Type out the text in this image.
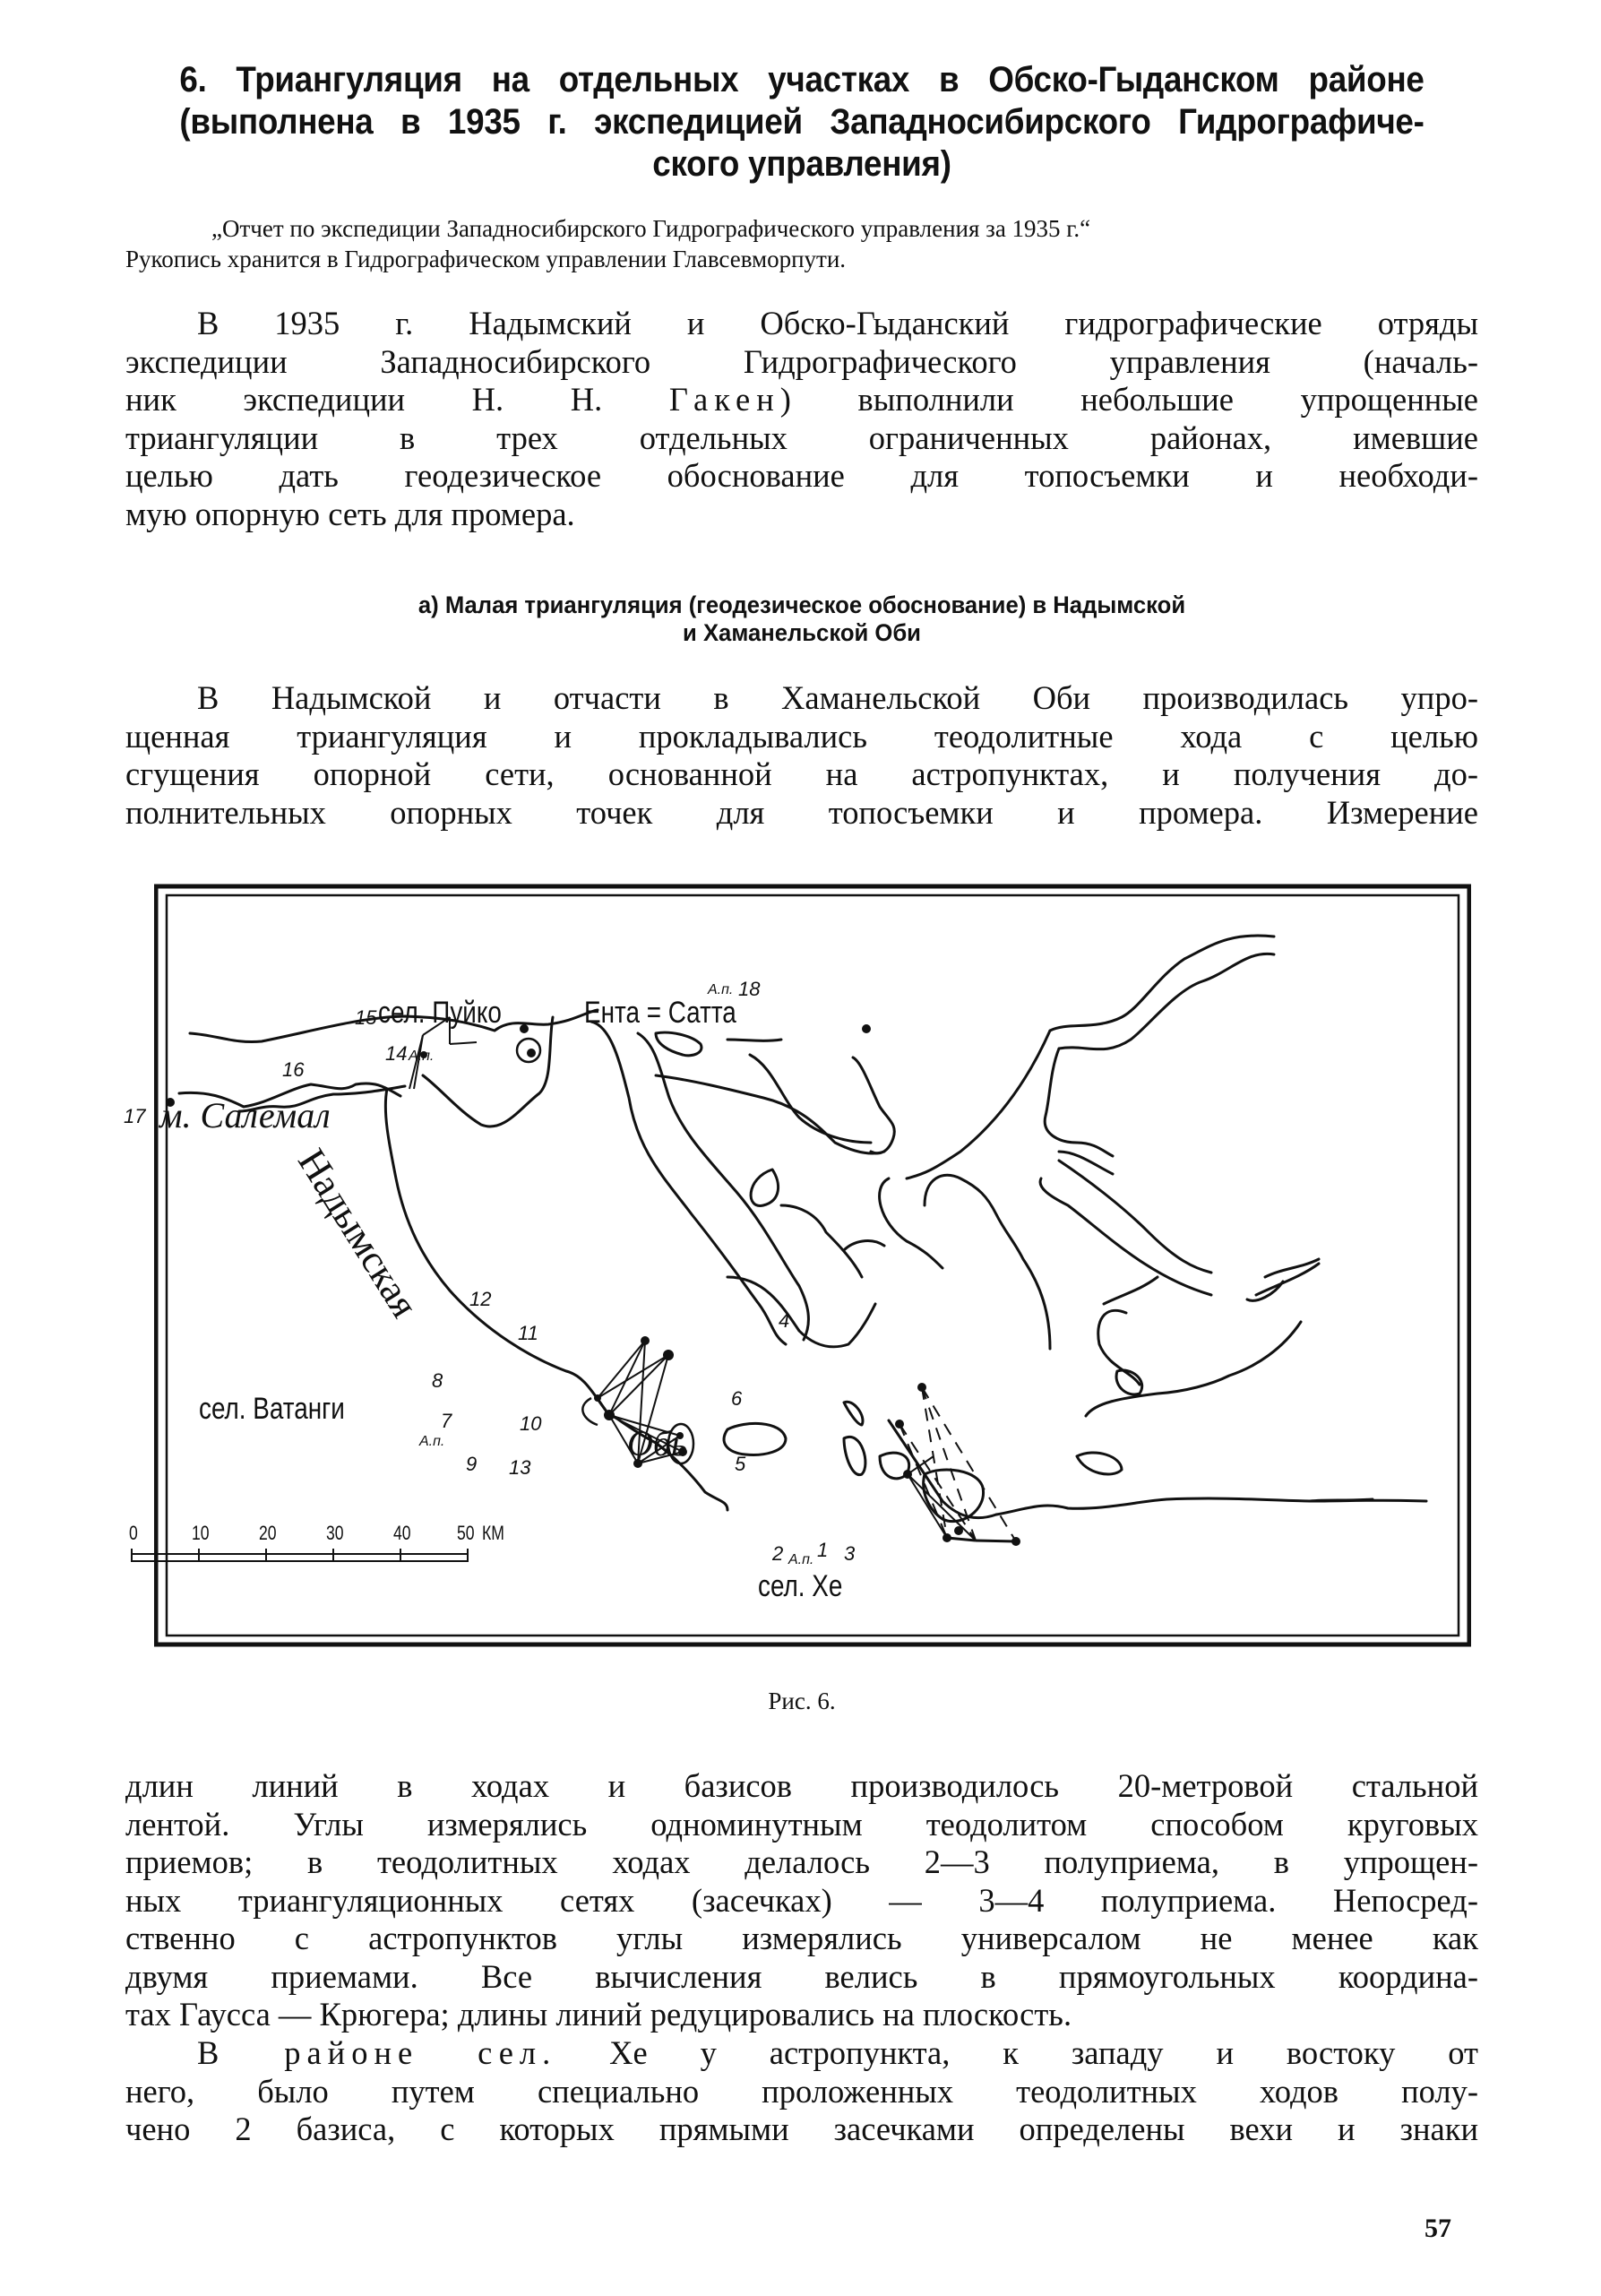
6. Триангуляция на отдельных участках в Обско-Гыданском районе
(выполнена в 1935 г. экспедицией Западносибирского Гидрографиче-
ского управления)
„Отчет по экспедиции Западносибирского Гидрографического управления за 1935 г.“
Рукопись хранится в Гидрографическом управлении Главсевморпути.
В 1935 г. Надымский и Обско-Гыданский гидрографические отряды
экспедиции Западносибирского Гидрографического управления (началь-
ник экспедиции Н. Н. Гакен) выполнили небольшие упрощенные
триангуляции в трех отдельных ограниченных районах, имевшие
целью дать геодезическое обоснование для топосъемки и необходи-
мую опорную сеть для промера.
а) Малая триангуляция (геодезическое обоснование) в Надымской
и Хаманельской Оби
В Надымской и отчасти в Хаманельской Оби производилась упро-
щенная триангуляция и прокладывались теодолитные хода с целью
сгущения опорной сети, основанной на астропунктах, и получения до-
полнительных опорных точек для топосъемки и промера. Измерение
15 сел. Пуйко
14 А.п.
16
17 м. Салемал
Ента = Сатта
А.п. 18
Надымская 12
11
8
сел. Ватанги	7
А.п.
9
10
13
Обь
4
6
5
2 А.п. 1 3
сел. Хе
0	10	20	30	40 50 КМ
Рис. 6.
длин линий в ходах и базисов производилось 20-метровой стальной
лентой. Углы измерялись одноминутным теодолитом способом круговых
приемов; в теодолитных ходах делалось 2—3 полуприема, в упрощен-
ных триангуляционных сетях (засечках) — 3—4 полуприема. Непосред-
ственно с астропунктов углы измерялись универсалом не менее как
двумя приемами. Все вычисления велись в прямоугольных координа-
тах Гаусса — Крюгера; длины линий редуцировались на плоскость.
В районе сел. Хе у астропункта, к западу и востоку от
него, было путем специально проложенных теодолитных ходов полу-
чено 2 базиса, с которых прямыми засечками определены вехи и знаки
57
